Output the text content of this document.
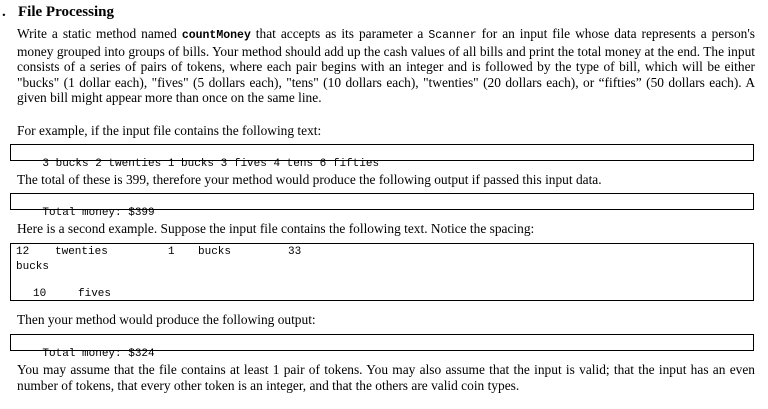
. File Processing

Write a static method named countMoney that accepts as its parameter a Scanner for an input file whose data represents a person's money grouped into groups of bills. Your method should add up the cash values of all bills and print the total money at the end. The input consists of a series of pairs of tokens, where each pair begins with an integer and is followed by the type of bill, which will be either "bucks" (1 dollar each), "fives" (5 dollars each), "tens" (10 dollars each), "twenties" (20 dollars each), or “fifties” (50 dollars each). A given bill might appear more than once on the same line.

For example, if the input file contains the following text:

3 bucks 2 twenties 1 bucks 3 fives 4 tens 6 fifties

The total of these is 399, therefore your method would produce the following output if passed this input data.

Total money: $399

Here is a second example. Suppose the input file contains the following text. Notice the spacing:

12 twenties	1 bucks	33
bucks
10	fives

Then your method would produce the following output:

Total money: $324

You may assume that the file contains at least 1 pair of tokens. You may also assume that the input is valid; that the input has an even number of tokens, that every other token is an integer, and that the others are valid coin types.
